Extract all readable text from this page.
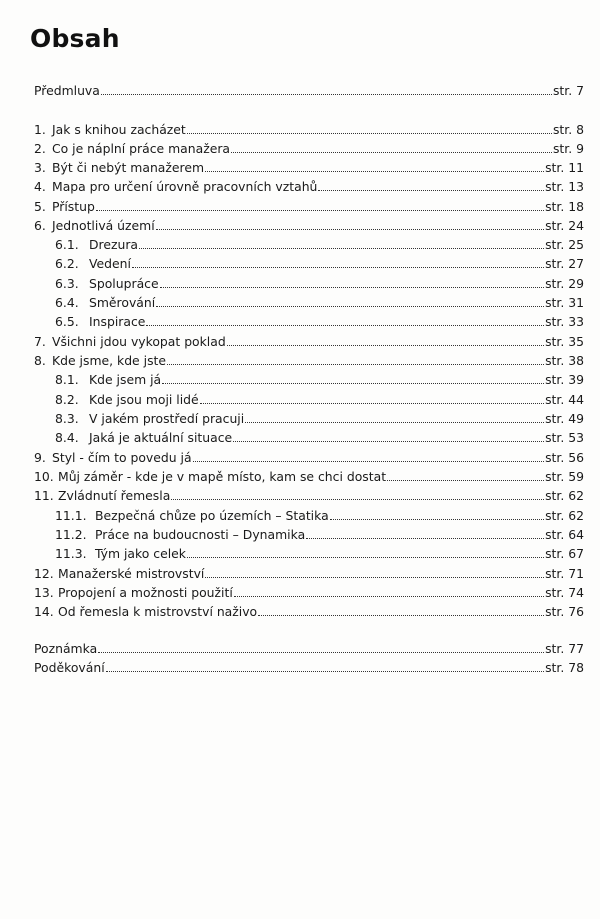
Obsah
Předmluva	str. 7
1. Jak s knihou zacházet	str. 8
2. Co je náplní práce manažera	str. 9
3. Být či nebýt manažerem	str. 11
4. Mapa pro určení úrovně pracovních vztahů	str. 13
5. Přístup	str. 18
6. Jednotlivá území	str. 24
6.1. Drezura	str. 25
6.2. Vedení	str. 27
6.3. Spolupráce	str. 29
6.4. Směrování	str. 31
6.5. Inspirace	str. 33
7. Všichni jdou vykopat poklad	str. 35
8. Kde jsme, kde jste	str. 38
8.1. Kde jsem já	str. 39
8.2. Kde jsou moji lidé	str. 44
8.3. V jakém prostředí pracuji	str. 49
8.4. Jaká je aktuální situace	str. 53
9. Styl - čím to povedu já	str. 56
10. Můj záměr - kde je v mapě místo, kam se chci dostat	str. 59
11. Zvládnutí řemesla	str. 62
11.1. Bezpečná chůze po územích – Statika	str. 62
11.2. Práce na budoucnosti – Dynamika	str. 64
11.3. Tým jako celek	str. 67
12. Manažerské mistrovství	str. 71
13. Propojení a možnosti použití	str. 74
14. Od řemesla k mistrovství naživo	str. 76
Poznámka	str. 77
Poděkování	str. 78
